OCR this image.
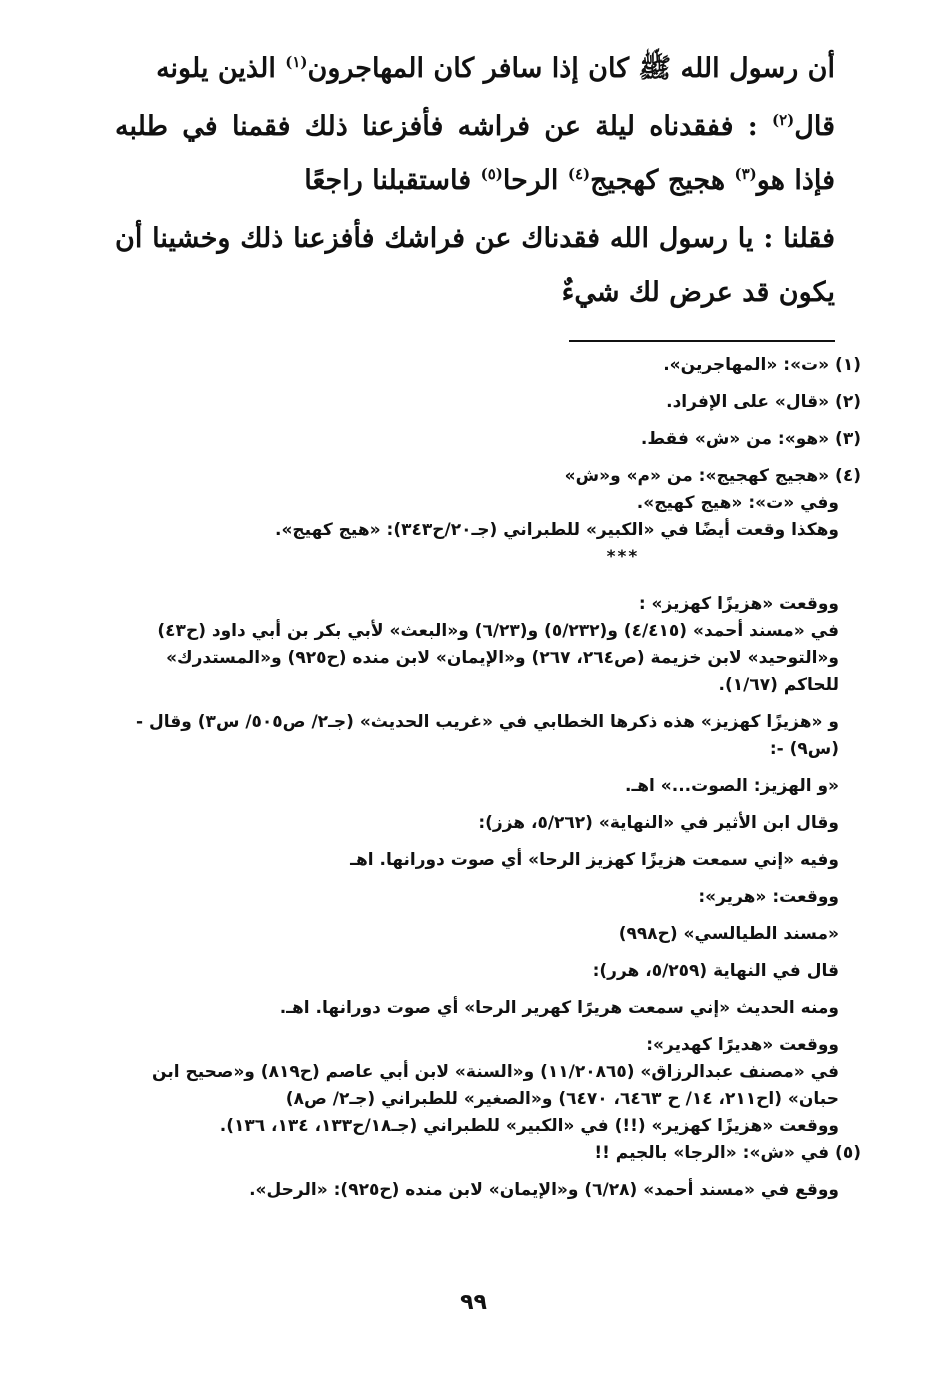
أن رسول الله ﷺ كان إذا سافر كان المهاجرون$^{(١)}$ الذين يلونه

قال$^{(٢)}$ : ففقدناه ليلة عن فراشه فأفزعنا ذلك فقمنا في طلبه فإذا هو$^{(٣)}$ هجيج كهجيج$^{(٤)}$ الرحا$^{(٥)}$ فاستقبلنا راجعًا

فقلنا : يا رسول الله فقدناك عن فراشك فأفزعنا ذلك وخشينا أن يكون قد عرض لك شيءٌ

(١) «ت»: «المهاجرين».

(٢) «قال» على الإفراد.

(٣) «هو»: من «ش» فقط.

(٤) «هجيج كهجيج»: من «م» و«ش»

وفي «ت»: «هيج كهيج».

وهكذا وقعت أيضًا في «الكبير» للطبراني (جـ٢٠/ح٣٤٣): «هيج كهيج».

***

ووقعت «هزيزًا كهزيز» :

في «مسند أحمد» (٤/٤١٥) و(٥/٢٣٢) و(٦/٢٣) و«البعث» لأبي بكر بن أبي داود (ح٤٣) و«التوحيد» لابن خزيمة (ص٢٦٤، ٢٦٧) و«الإيمان» لابن منده (ح٩٢٥) و«المستدرك» للحاكم (١/٦٧).

و «هزيزًا كهزيز» هذه ذكرها الخطابي في «غريب الحديث» (جـ٢/ ص٥٠٥/ س٣) وقال - (س٩) -:

«و الهزيز: الصوت...» اهـ.

وقال ابن الأثير في «النهاية» (٥/٢٦٢، هزز):

وفيه «إني سمعت هزيزًا كهزيز الرحا» أي صوت دورانها. اهـ

ووقعت: «هرير»:

«مسند الطيالسي» (ح٩٩٨)

قال في النهاية (٥/٢٥٩، هرر):

ومنه الحديث «إني سمعت هريرًا كهرير الرحا» أي صوت دورانها. اهـ.

ووقعت «هديرًا كهدير»:

في «مصنف عبدالرزاق» (١١/٢٠٨٦٥) و«السنة» لابن أبي عاصم (ح٨١٩) و«صحيح ابن حبان» (اح٢١١، ١٤/ ح ٦٤٦٣، ٦٤٧٠) و«الصغير» للطبراني (جـ٢/ ص٨)

ووقعت «هزيزًا كهزير» (!!) في «الكبير» للطبراني (جـ١٨/ح١٣٣، ١٣٤، ١٣٦).

(٥) في «ش»: «الرجا» بالجيم !!

ووقع في «مسند أحمد» (٦/٢٨) و«الإيمان» لابن منده (ح٩٢٥): «الرحل».

٩٩
